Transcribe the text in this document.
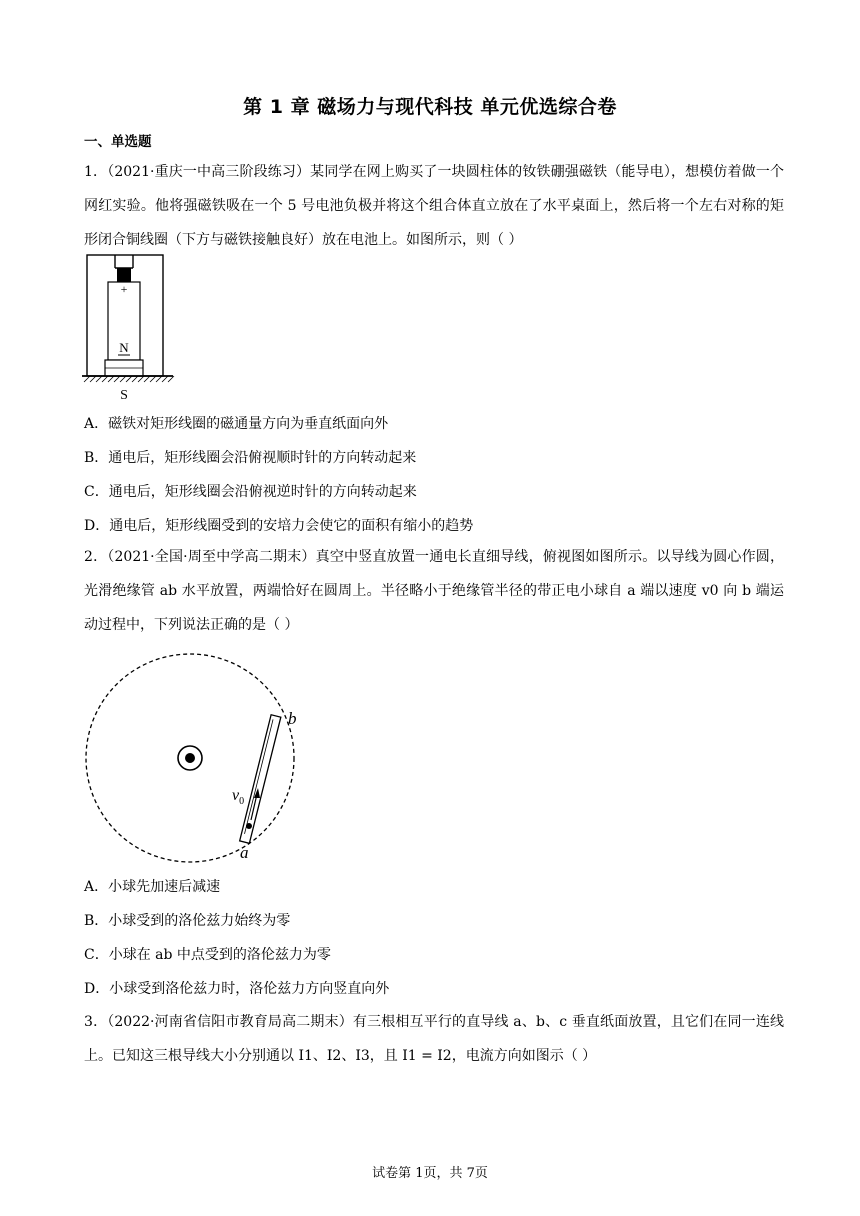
第 1 章 磁场力与现代科技 单元优选综合卷
一、单选题
1．（2021·重庆一中高三阶段练习）某同学在网上购买了一块圆柱体的钕铁硼强磁铁（能导电），想模仿着做一个网红实验。他将强磁铁吸在一个 5 号电池负极并将这个组合体直立放在了水平桌面上，然后将一个左右对称的矩形闭合铜线圈（下方与磁铁接触良好）放在电池上。如图所示，则（ ）
+
N
S
A．磁铁对矩形线圈的磁通量方向为垂直纸面向外
B．通电后，矩形线圈会沿俯视顺时针的方向转动起来
C．通电后，矩形线圈会沿俯视逆时针的方向转动起来
D．通电后，矩形线圈受到的安培力会使它的面积有缩小的趋势
2．（2021·全国·周至中学高二期末）真空中竖直放置一通电长直细导线，俯视图如图所示。以导线为圆心作圆，光滑绝缘管 ab 水平放置，两端恰好在圆周上。半径略小于绝缘管半径的带正电小球自 a 端以速度 v0 向 b 端运动过程中，下列说法正确的是（ ）
b
a
$v_0$
A．小球先加速后减速
B．小球受到的洛伦兹力始终为零
C．小球在 ab 中点受到的洛伦兹力为零
D．小球受到洛伦兹力时，洛伦兹力方向竖直向外
3．（2022·河南省信阳市教育局高二期末）有三根相互平行的直导线 a、b、c 垂直纸面放置，且它们在同一连线上。已知这三根导线大小分别通以 I1、I2、I3，且 I1 = I2，电流方向如图示（ ）
试卷第 1页，共 7页
